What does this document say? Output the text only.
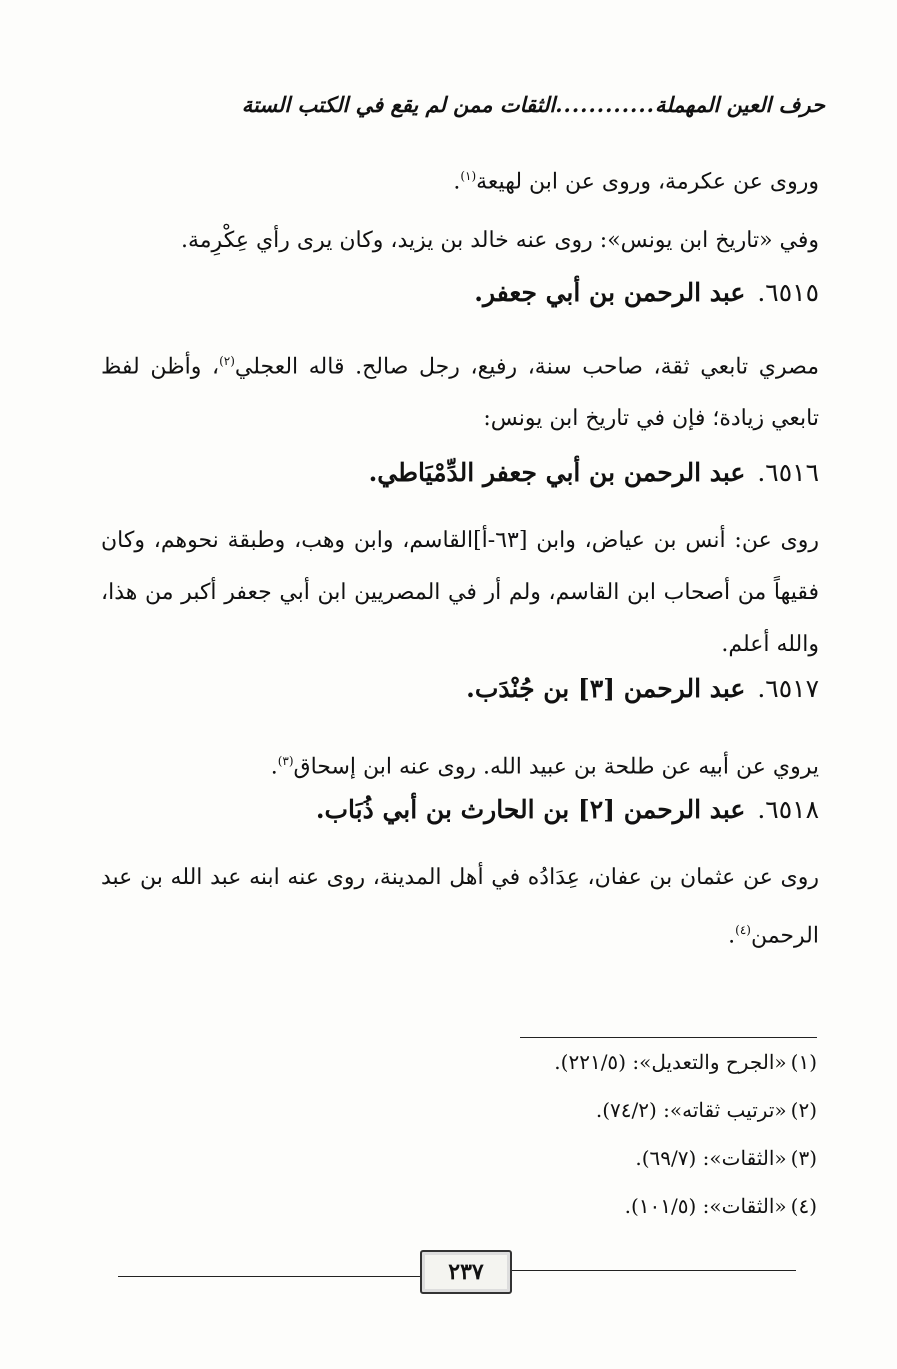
حرف العين المهملة
............
الثقات ممن لم يقع في الكتب الستة
وروى عن عكرمة، وروى عن ابن لهيعة$^{(١)}$.
وفي «تاريخ ابن يونس»: روى عنه خالد بن يزيد، وكان يرى رأي عِكْرِمة.
٦٥١٥.عبد الرحمن بن أبي جعفر.
مصري تابعي ثقة، صاحب سنة، رفيع، رجل صالح. قاله العجلي$^{(٢)}$، وأظن لفظ تابعي زيادة؛ فإن في تاريخ ابن يونس:
٦٥١٦.عبد الرحمن بن أبي جعفر الدِّمْيَاطي.
روى عن: أنس بن عياض، وابن [٦٣-أ]القاسم، وابن وهب، وطبقة نحوهم، وكان فقيهاً من أصحاب ابن القاسم، ولم أر في المصريين ابن أبي جعفر أكبر من هذا، والله أعلم.
٦٥١٧.عبد الرحمن [٣] بن جُنْدَب.
يروي عن أبيه عن طلحة بن عبيد الله. روى عنه ابن إسحاق$^{(٣)}$.
٦٥١٨.عبد الرحمن [٢] بن الحارث بن أبي ذُبَاب.
روى عن عثمان بن عفان، عِدَادُه في أهل المدينة، روى عنه ابنه عبد الله بن عبد الرحمن$^{(٤)}$.
(١)«الجرح والتعديل»: (٢٢١/٥).
(٢)«ترتيب ثقاته»: (٧٤/٢).
(٣)«الثقات»: (٦٩/٧).
(٤)«الثقات»: (١٠١/٥).
٢٣٧
